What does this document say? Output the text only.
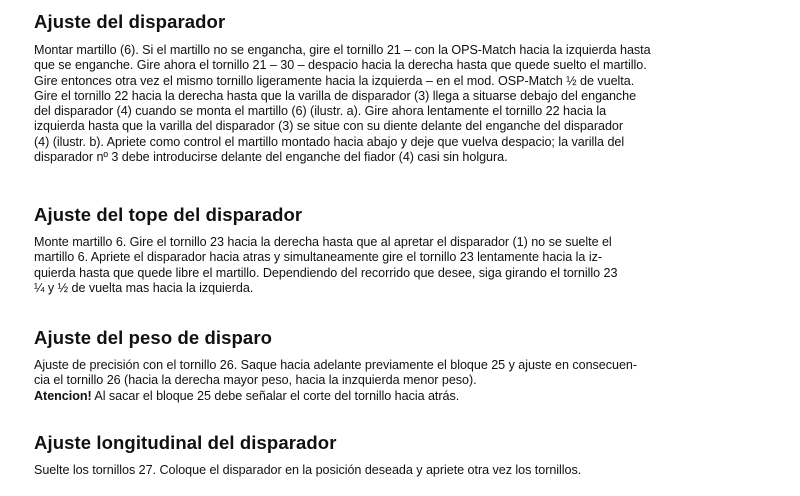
Ajuste del disparador

Montar martillo (6). Si el martillo no se engancha, gire el tornillo 21 – con la OPS-Match hacia la izquierda hasta
que se enganche. Gire ahora el tornillo 21 – 30 – despacio hacia la derecha hasta que quede suelto el martillo.
Gire entonces otra vez el mismo tornillo ligeramente hacia la izquierda – en el mod. OSP-Match ½ de vuelta.
Gire el tornillo 22 hacia la derecha hasta que la varilla de disparador (3) llega a situarse debajo del enganche
del disparador (4) cuando se monta el martillo (6) (ilustr. a). Gire ahora lentamente el tornillo 22 hacia la
izquierda hasta que la varilla del disparador (3) se situe con su diente delante del enganche del disparador
(4) (ilustr. b). Apriete como control el martillo montado hacia abajo y deje que vuelva despacio; la varilla del
disparador nº 3 debe introducirse delante del enganche del fiador (4) casi sin holgura.

Ajuste del tope del disparador

Monte martillo 6. Gire el tornillo 23 hacia la derecha hasta que al apretar el disparador (1) no se suelte el
martillo 6. Apriete el disparador hacia atras y simultaneamente gire el tornillo 23 lentamente hacia la iz-
quierda hasta que quede libre el martillo. Dependiendo del recorrido que desee, siga girando el tornillo 23
¼ y ½ de vuelta mas hacia la izquierda.

Ajuste del peso de disparo

Ajuste de precisión con el tornillo 26. Saque hacia adelante previamente el bloque 25 y ajuste en consecuen-
cia el tornillo 26 (hacia la derecha mayor peso, hacia la inzquierda menor peso).
Atencion! Al sacar el bloque 25 debe señalar el corte del tornillo hacia atrás.

Ajuste longitudinal del disparador

Suelte los tornillos 27. Coloque el disparador en la posición deseada y apriete otra vez los tornillos.
